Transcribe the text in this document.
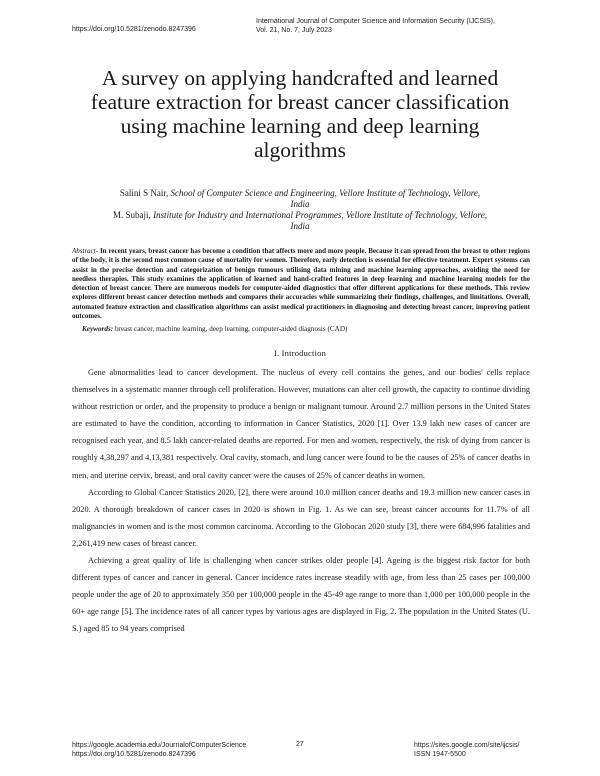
https://doi.org/10.5281/zenodo.8247396
International Journal of Computer Science and Information Security (IJCSIS),
Vol. 21, No. 7, July 2023
A survey on applying handcrafted and learned
feature extraction for breast cancer classification
using machine learning and deep learning
algorithms
Salini S Nair, School of Computer Science and Engineering, Vellore Institute of Technology, Vellore,
India
M. Subaji, Institute for Industry and International Programmes, Vellore Institute of Technology, Vellore,
India
Abstract- In recent years, breast cancer has become a condition that affects more and more people. Because it can spread from the breast to other regions of the body, it is the second most common cause of mortality for women. Therefore, early detection is essential for effective treatment. Expert systems can assist in the precise detection and categorization of benign tumours utilising data mining and machine learning approaches, avoiding the need for needless therapies. This study examines the application of learned and hand-crafted features in deep learning and machine learning models for the detection of breast cancer. There are numerous models for computer-aided diagnostics that offer different applications for these methods. This review explores different breast cancer detection methods and compares their accuracies while summarizing their findings, challenges, and limitations. Overall, automated feature extraction and classification algorithms can assist medical practitioners in diagnosing and detecting breast cancer, improving patient outcomes.
Keywords: breast cancer, machine learning, deep learning, computer-aided diagnosis (CAD)
I. Introduction

Gene abnormalities lead to cancer development. The nucleus of every cell contains the genes, and our bodies' cells replace themselves in a systematic manner through cell proliferation. However, mutations can alter cell growth, the capacity to continue dividing without restriction or order, and the propensity to produce a benign or malignant tumour. Around 2.7 million persons in the United States are estimated to have the condition, according to information in Cancer Statistics, 2020 [1]. Over 13.9 lakh new cases of cancer are recognised each year, and 8.5 lakh cancer-related deaths are reported. For men and women, respectively, the risk of dying from cancer is roughly 4,38,297 and 4,13,381 respectively. Oral cavity, stomach, and lung cancer were found to be the causes of 25% of cancer deaths in men, and uterine cervix, breast, and oral cavity cancer were the causes of 25% of cancer deaths in women.

According to Global Cancer Statistics 2020, [2], there were around 10.0 million cancer deaths and 19.3 million new cancer cases in 2020. A thorough breakdown of cancer cases in 2020 is shown in Fig. 1. As we can see, breast cancer accounts for 11.7% of all malignancies in women and is the most common carcinoma. According to the Globocan 2020 study [3], there were 684,996 fatalities and 2,261,419 new cases of breast cancer.

Achieving a great quality of life is challenging when cancer strikes older people [4]. Ageing is the biggest risk factor for both different types of cancer and cancer in general. Cancer incidence rates increase steadily with age, from less than 25 cases per 100,000 people under the age of 20 to approximately 350 per 100,000 people in the 45-49 age range to more than 1,000 per 100,000 people in the 60+ age range [5]. The incidence rates of all cancer types by various ages are displayed in Fig. 2. The population in the United States (U. S.) aged 85 to 94 years comprised

https://google.academia.edu/JournalofComputerScience
https://doi.org/10.5281/zenodo.8247396
27	https://sites.google.com/site/ijcsis/
ISSN 1947-5500
